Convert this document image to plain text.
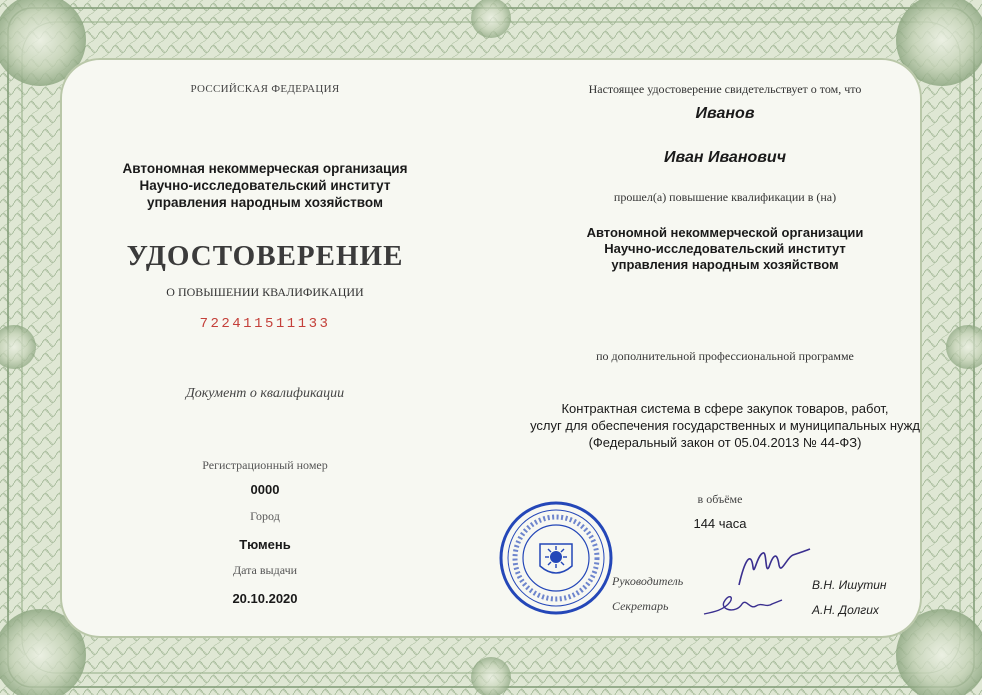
РОССИЙСКАЯ ФЕДЕРАЦИЯ
Автономная некоммерческая организация
Научно-исследовательский институт
управления народным хозяйством
УДОСТОВЕРЕНИЕ
О ПОВЫШЕНИИ КВАЛИФИКАЦИИ
722411511133
Документ о квалификации
Регистрационный номер
0000
Город
Тюмень
Дата выдачи
20.10.2020
Настоящее удостоверение свидетельствует о том, что
Иванов
Иван Иванович
прошел(а) повышение квалификации в (на)
Автономной некоммерческой организации
Научно-исследовательский институт
управления народным хозяйством
по дополнительной профессиональной программе
Контрактная система в сфере закупок товаров, работ,
услуг для обеспечения государственных и муниципальных нужд
(Федеральный закон от 05.04.2013 № 44-ФЗ)
в объёме
144 часа
Руководитель	В.Н. Ишутин
Секретарь	А.Н. Долгих
